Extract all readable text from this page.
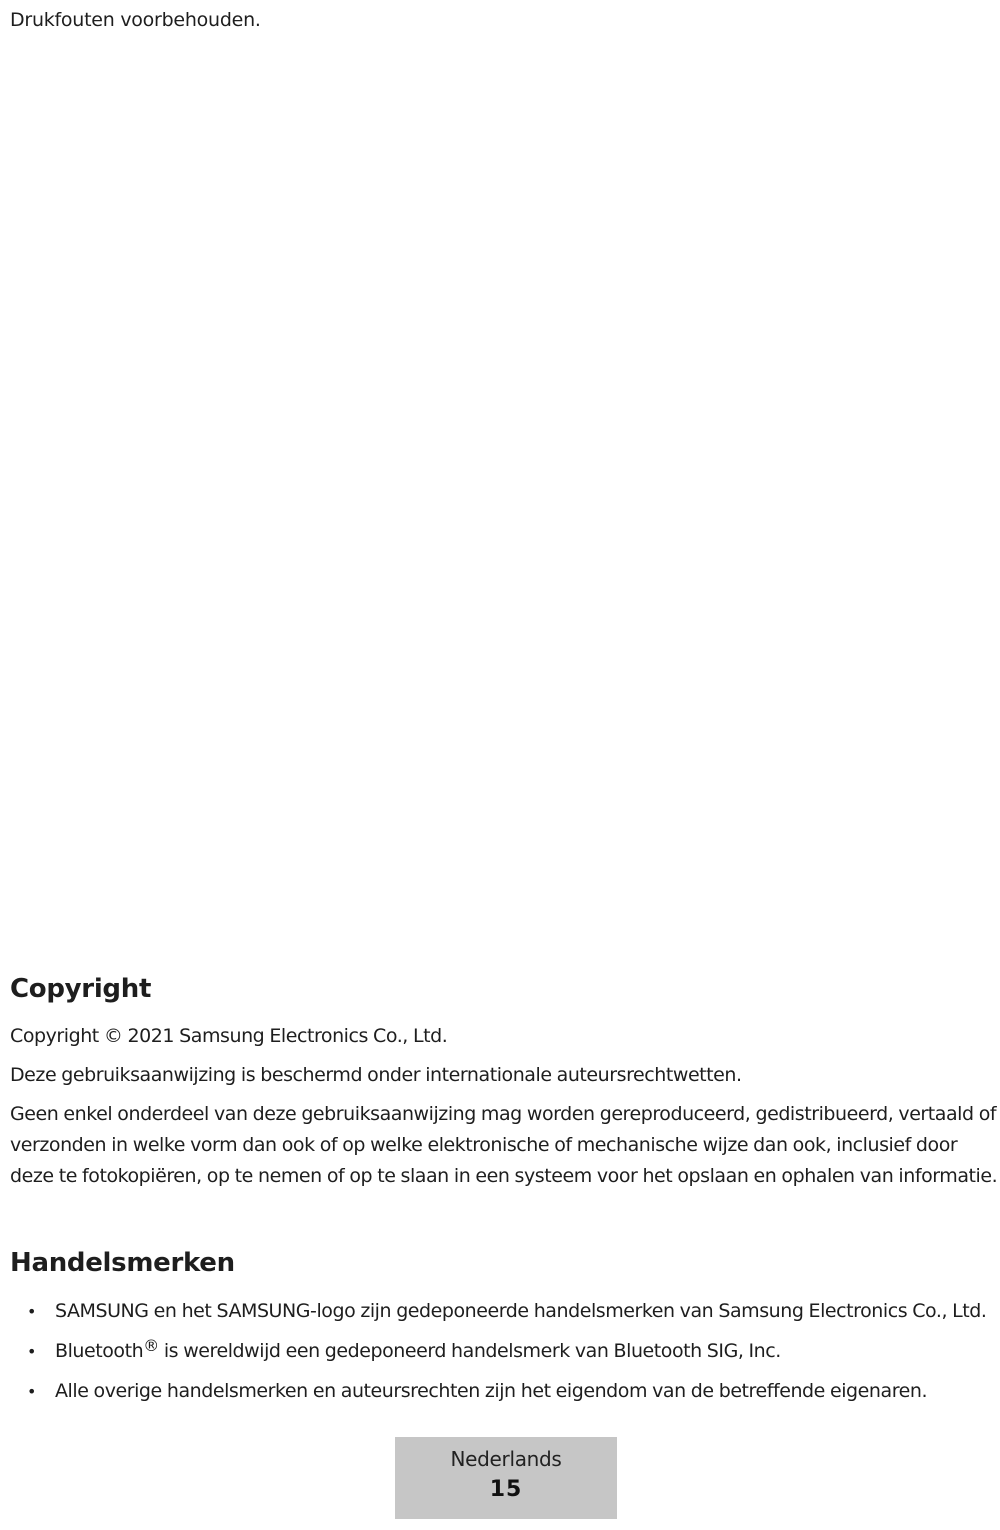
Drukfouten voorbehouden.
Copyright
Copyright © 2021 Samsung Electronics Co., Ltd.
Deze gebruiksaanwijzing is beschermd onder internationale auteursrechtwetten.
Geen enkel onderdeel van deze gebruiksaanwijzing mag worden gereproduceerd, gedistribueerd, vertaald of verzonden in welke vorm dan ook of op welke elektronische of mechanische wijze dan ook, inclusief door deze te fotokopiëren, op te nemen of op te slaan in een systeem voor het opslaan en ophalen van informatie.
Handelsmerken
• SAMSUNG en het SAMSUNG-logo zijn gedeponeerde handelsmerken van Samsung Electronics Co., Ltd.
• Bluetooth® is wereldwijd een gedeponeerd handelsmerk van Bluetooth SIG, Inc.
• Alle overige handelsmerken en auteursrechten zijn het eigendom van de betreffende eigenaren.
Nederlands
15
